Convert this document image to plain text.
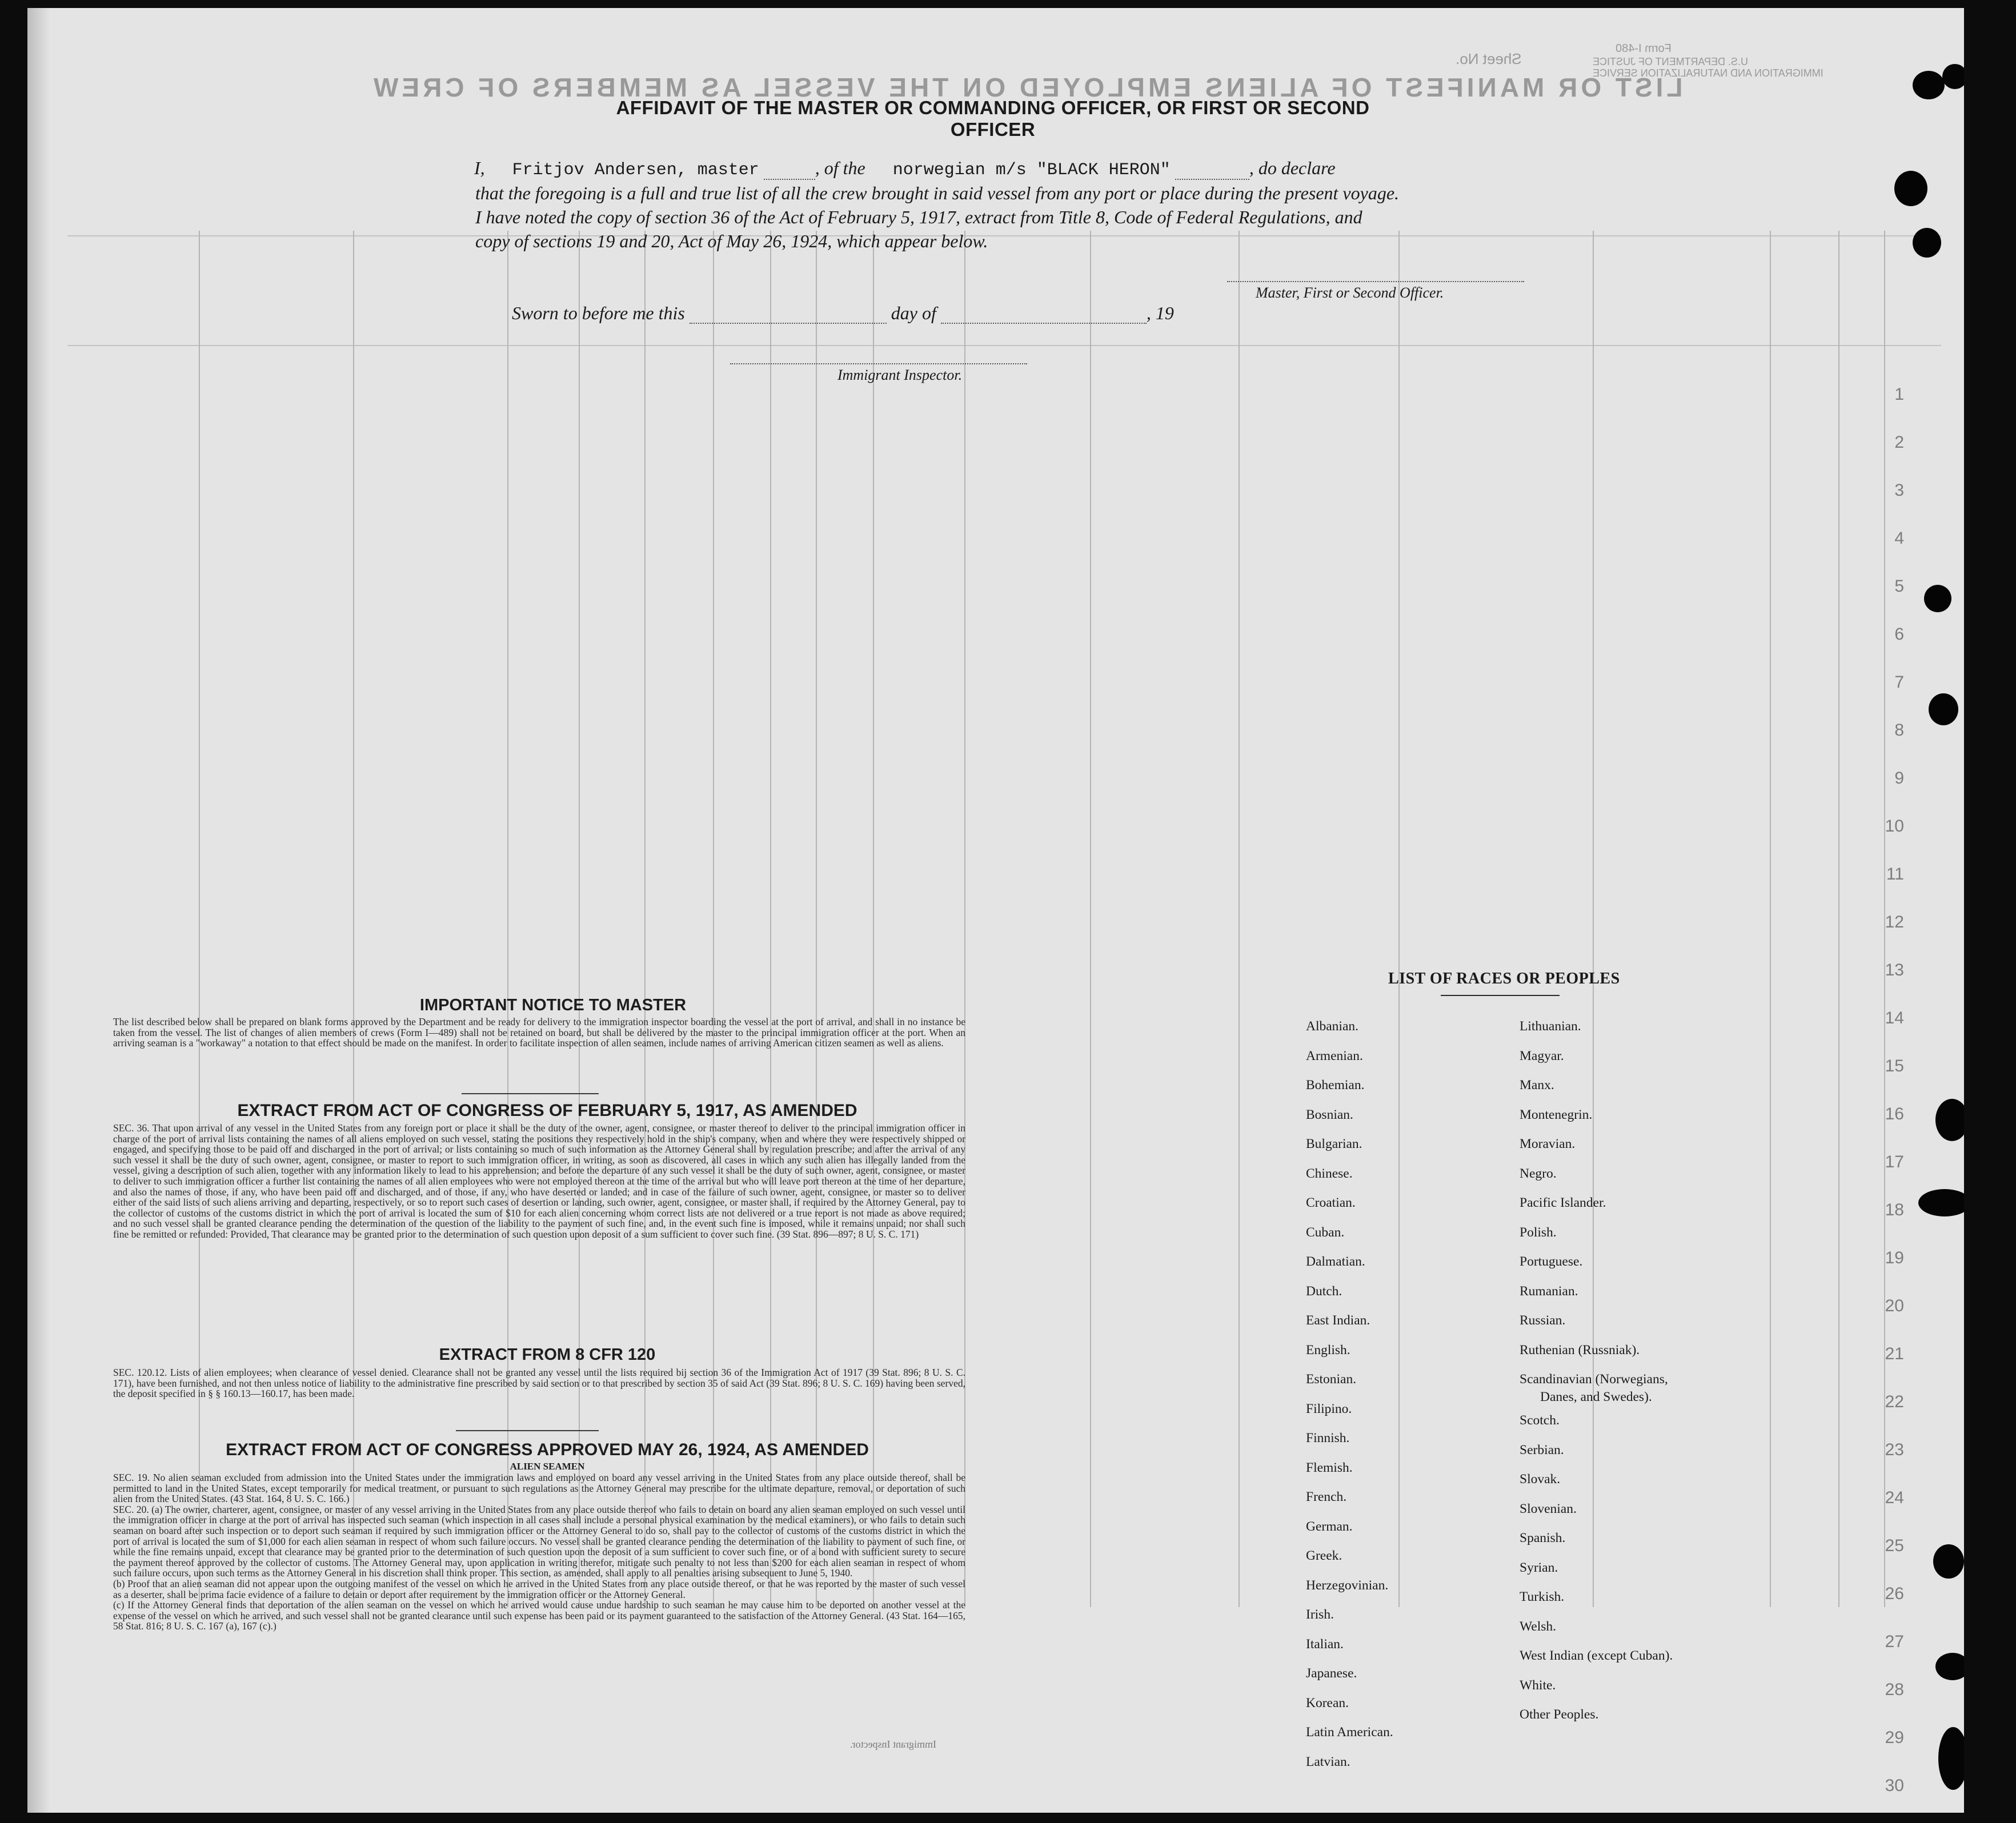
LIST OR MANIFEST OF ALIENS EMPLOYED ON THE VESSEL AS MEMBERS OF CREW
Form I-480
U.S. DEPARTMENT OF JUSTICE
IMMIGRATION AND NATURALIZATION SERVICE
Sheet No.
AFFIDAVIT OF THE MASTER OR COMMANDING OFFICER, OR FIRST OR SECOND OFFICER
I, Fritjov Andersen, master	, of the norwegian m/s "BLACK HERON"	, do declare
that the foregoing is a full and true list of all the crew brought in said vessel from any port or place during the present voyage.
I have noted the copy of section 36 of the Act of February 5, 1917, extract from Title 8, Code of Federal Regulations, and
copy of sections 19 and 20, Act of May 26, 1924, which appear below.
Master, First or Second Officer.
Sworn to before me this	day of	, 19
Immigrant Inspector.
IMPORTANT NOTICE TO MASTER

The list described below shall be prepared on blank forms approved by the Department and be ready for delivery to the immigration inspector boarding the vessel at the port of arrival, and shall in no instance be taken from the vessel. The list of changes of alien members of crews (Form I—489) shall not be retained on board, but shall be delivered by the master to the principal immigration officer at the port. When an arriving seaman is a "workaway" a notation to that effect should be made on the manifest. In order to facilitate inspection of allen seamen, include names of arriving American citizen seamen as well as aliens.

EXTRACT FROM ACT OF CONGRESS OF FEBRUARY 5, 1917, AS AMENDED

SEC. 36. That upon arrival of any vessel in the United States from any foreign port or place it shall be the duty of the owner, agent, consignee, or master thereof to deliver to the principal immigration officer in charge of the port of arrival lists containing the names of all aliens employed on such vessel, stating the positions they respectively hold in the ship's company, when and where they were respectively shipped or engaged, and specifying those to be paid off and discharged in the port of arrival; or lists containing so much of such information as the Attorney General shall by regulation prescribe; and after the arrival of any such vessel it shall be the duty of such owner, agent, consignee, or master to report to such immigration officer, in writing, as soon as discovered, all cases in which any such alien has illegally landed from the vessel, giving a description of such alien, together with any information likely to lead to his apprehension; and before the departure of any such vessel it shall be the duty of such owner, agent, consignee, or master to deliver to such immigration officer a further list containing the names of all alien employees who were not employed thereon at the time of the arrival but who will leave port thereon at the time of her departure, and also the names of those, if any, who have been paid off and discharged, and of those, if any, who have deserted or landed; and in case of the failure of such owner, agent, consignee, or master so to deliver either of the said lists of such aliens arriving and departing, respectively, or so to report such cases of desertion or landing, such owner, agent, consignee, or master shall, if required by the Attorney General, pay to the collector of customs of the customs district in which the port of arrival is located the sum of $10 for each alien concerning whom correct lists are not delivered or a true report is not made as above required; and no such vessel shall be granted clearance pending the determination of the question of the liability to the payment of such fine, and, in the event such fine is imposed, while it remains unpaid; nor shall such fine be remitted or refunded: Provided, That clearance may be granted prior to the determination of such question upon deposit of a sum sufficient to cover such fine. (39 Stat. 896—897; 8 U. S. C. 171)

EXTRACT FROM 8 CFR 120

SEC. 120.12. Lists of alien employees; when clearance of vessel denied. Clearance shall not be granted any vessel until the lists required bij section 36 of the Immigration Act of 1917 (39 Stat. 896; 8 U. S. C. 171), have been furnished, and not then unless notice of liability to the administrative fine prescribed by said section or to that prescribed by section 35 of said Act (39 Stat. 896; 8 U. S. C. 169) having been served, the deposit specified in § § 160.13—160.17, has been made.

EXTRACT FROM ACT OF CONGRESS APPROVED MAY 26, 1924, AS AMENDED
ALIEN SEAMEN

SEC. 19. No alien seaman excluded from admission into the United States under the immigration laws and employed on board any vessel arriving in the United States from any place outside thereof, shall be permitted to land in the United States, except temporarily for medical treatment, or pursuant to such regulations as the Attorney General may prescribe for the ultimate departure, removal, or deportation of such alien from the United States. (43 Stat. 164, 8 U. S. C. 166.)
SEC. 20. (a) The owner, charterer, agent, consignee, or master of any vessel arriving in the United States from any place outside thereof who fails to detain on board any alien seaman employed on such vessel until the immigration officer in charge at the port of arrival has inspected such seaman (which inspection in all cases shall include a personal physical examination by the medical examiners), or who fails to detain such seaman on board after such inspection or to deport such seaman if required by such immigration officer or the Attorney General to do so, shall pay to the collector of customs of the customs district in which the port of arrival is located the sum of $1,000 for each alien seaman in respect of whom such failure occurs. No vessel shall be granted clearance pending the determination of the liability to payment of such fine, or while the fine remains unpaid, except that clearance may be granted prior to the determination of such question upon the deposit of a sum sufficient to cover such fine, or of a bond with sufficient surety to secure the payment thereof approved by the collector of customs. The Attorney General may, upon application in writing therefor, mitigate such penalty to not less than $200 for each alien seaman in respect of whom such failure occurs, upon such terms as the Attorney General in his discretion shall think proper. This section, as amended, shall apply to all penalties arising subsequent to June 5, 1940.
(b) Proof that an alien seaman did not appear upon the outgoing manifest of the vessel on which he arrived in the United States from any place outside thereof, or that he was reported by the master of such vessel as a deserter, shall be prima facie evidence of a failure to detain or deport after requirement by the immigration officer or the Attorney General.
(c) If the Attorney General finds that deportation of the alien seaman on the vessel on which he arrived would cause undue hardship to such seaman he may cause him to be deported on another vessel at the expense of the vessel on which he arrived, and such vessel shall not be granted clearance until such expense has been paid or its payment guaranteed to the satisfaction of the Attorney General. (43 Stat. 164—165, 58 Stat. 816; 8 U. S. C. 167 (a), 167 (c).)

Immigrant Inspector.
LIST OF RACES OR PEOPLES
Albanian.
Armenian.
Bohemian.
Bosnian.
Bulgarian.
Chinese.
Croatian.
Cuban.
Dalmatian.
Dutch.
East Indian.
English.
Estonian.
Filipino.
Finnish.
Flemish.
French.
German.
Greek.
Herzegovinian.
Irish.
Italian.
Japanese.
Korean.
Latin American.
Latvian.
Lithuanian.
Magyar.
Manx.
Montenegrin.
Moravian.
Negro.
Pacific Islander.
Polish.
Portuguese.
Rumanian.
Russian.
Ruthenian (Russniak).
Scandinavian (Norwegians,
Danes, and Swedes).
Scotch.
Serbian.
Slovak.
Slovenian.
Spanish.
Syrian.
Turkish.
Welsh.
West Indian (except Cuban).
White.
Other Peoples.
1
2
3
4
5
6
7
8
9
10
11
12
13
14
15
16
17
18
19
20
21
22
23
24
25
26
27
28
29
30
